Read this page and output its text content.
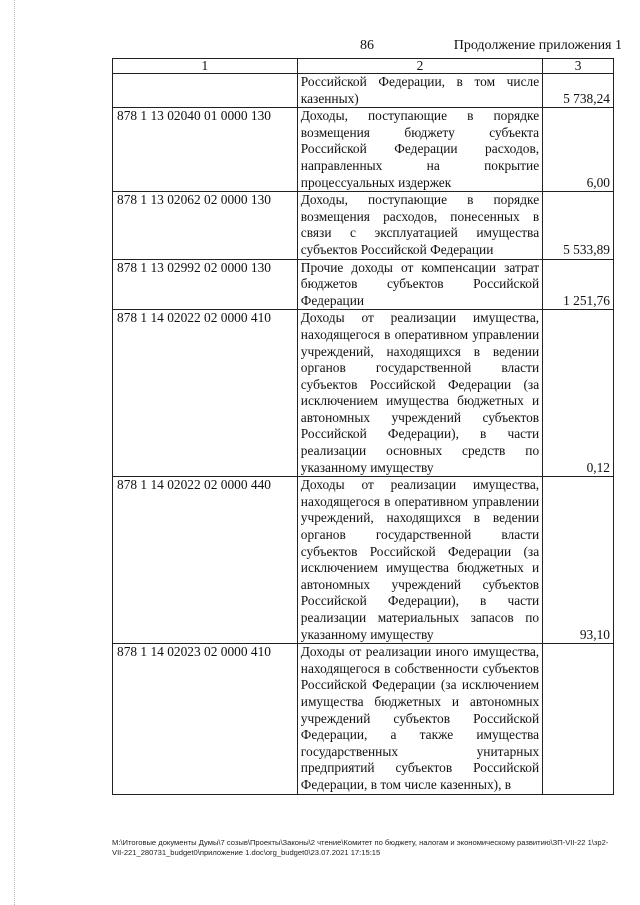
86	Продолжение приложения 1
1	2	3
	Российской Федерации, в том числе казенных)	5 738,24
878 1 13 02040 01 0000 130	Доходы, поступающие в порядке возмещения бюджету субъекта Российской Федерации расходов, направленных на покрытие процессуальных издержек	6,00
878 1 13 02062 02 0000 130	Доходы, поступающие в порядке возмещения расходов, понесенных в связи с эксплуатацией имущества субъектов Российской Федерации	5 533,89
878 1 13 02992 02 0000 130	Прочие доходы от компенсации затрат бюджетов субъектов Российской Федерации	1 251,76
878 1 14 02022 02 0000 410	Доходы от реализации имущества, находящегося в оперативном управлении учреждений, находящихся в ведении органов государственной власти субъектов Российской Федерации (за исключением имущества бюджетных и автономных учреждений субъектов Российской Федерации), в части реализации основных средств по указанному имуществу	0,12
878 1 14 02022 02 0000 440	Доходы от реализации имущества, находящегося в оперативном управлении учреждений, находящихся в ведении органов государственной власти субъектов Российской Федерации (за исключением имущества бюджетных и автономных учреждений субъектов Российской Федерации), в части реализации материальных запасов по указанному имуществу	93,10
878 1 14 02023 02 0000 410	Доходы от реализации иного имущества, находящегося в собственности субъектов Российской Федерации (за исключением имущества бюджетных и автономных учреждений субъектов Российской Федерации, а также имущества государственных унитарных предприятий субъектов Российской Федерации, в том числе казенных), в	
M:\Итоговые документы Думы\7 созыв\Проекты\Законы\2 чтение\Комитет по бюджету, налогам и экономическому развитию\ЗП-VII-22 1\зр2-VII-221_280731_budget0\приложение 1.doc\org_budget0\23.07.2021 17:15:15
